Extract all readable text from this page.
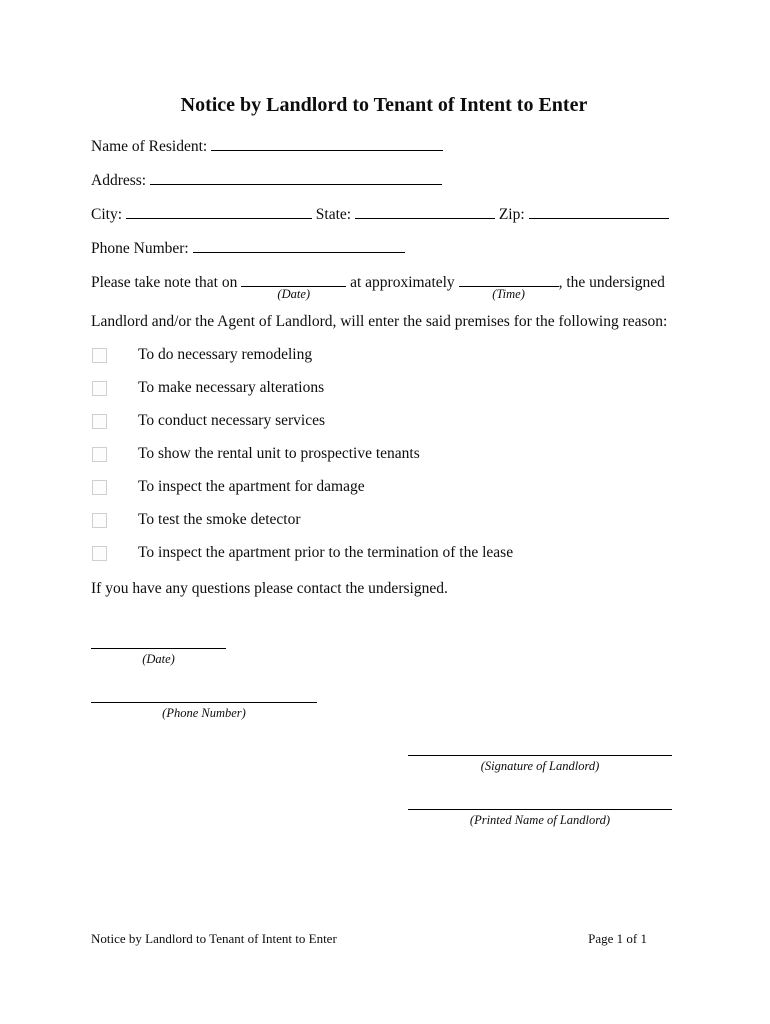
Notice by Landlord to Tenant of Intent to Enter

Name of Resident:

Address:

City:	State:	Zip:

Phone Number:

Please take note that on
(Date)
at approximately
(Time)
, the undersigned

Landlord and/or the Agent of Landlord, will enter the said premises for the following reason:

To do necessary remodeling
To make necessary alterations
To conduct necessary services
To show the rental unit to prospective tenants
To inspect the apartment for damage
To test the smoke detector
To inspect the apartment prior to the termination of the lease

If you have any questions please contact the undersigned.

(Date)
(Phone Number)
(Signature of Landlord)
(Printed Name of Landlord)
Notice by Landlord to Tenant of Intent to Enter	Page 1 of 1
